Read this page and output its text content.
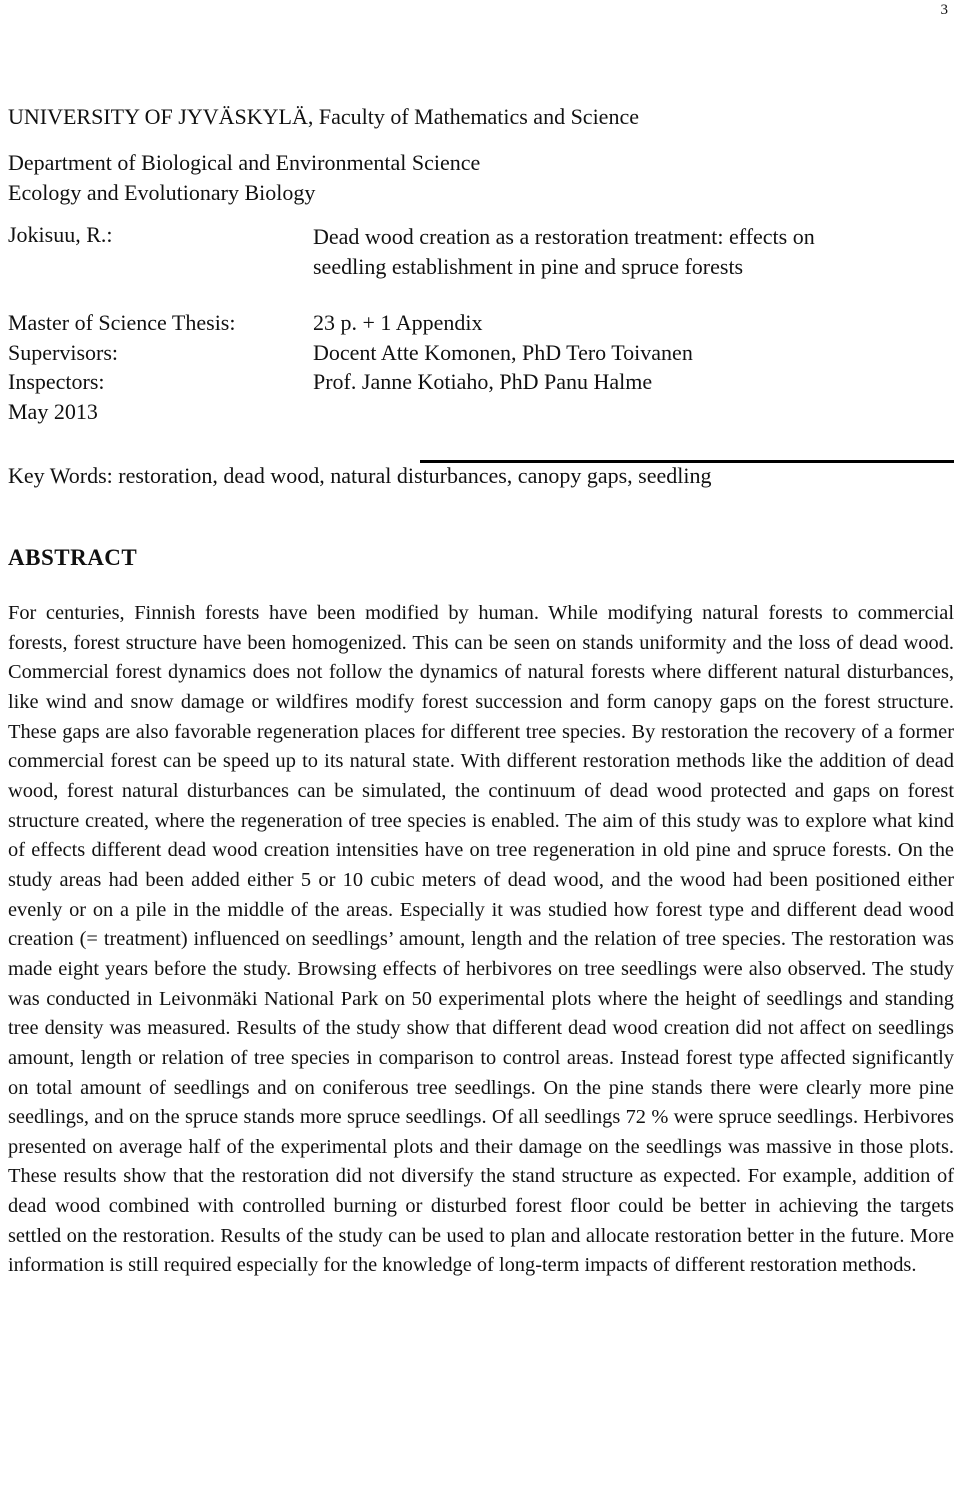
3
UNIVERSITY OF JYVÄSKYLÄ, Faculty of Mathematics and Science
Department of Biological and Environmental Science
Ecology and Evolutionary Biology
Jokisuu, R.:	Dead wood creation as a restoration treatment: effects on
seedling establishment in pine and spruce forests
Master of Science Thesis:	23 p. + 1 Appendix
Supervisors:	Docent Atte Komonen, PhD Tero Toivanen
Inspectors:	Prof. Janne Kotiaho, PhD Panu Halme
May 2013
Key Words: restoration, dead wood, natural disturbances, canopy gaps, seedling
ABSTRACT
For centuries, Finnish forests have been modified by human. While modifying natural forests to commercial forests, forest structure have been homogenized. This can be seen on stands uniformity and the loss of dead wood. Commercial forest dynamics does not follow the dynamics of natural forests where different natural disturbances, like wind and snow damage or wildfires modify forest succession and form canopy gaps on the forest structure. These gaps are also favorable regeneration places for different tree species. By restoration the recovery of a former commercial forest can be speed up to its natural state. With different restoration methods like the addition of dead wood, forest natural disturbances can be simulated, the continuum of dead wood protected and gaps on forest structure created, where the regeneration of tree species is enabled. The aim of this study was to explore what kind of effects different dead wood creation intensities have on tree regeneration in old pine and spruce forests. On the study areas had been added either 5 or 10 cubic meters of dead wood, and the wood had been positioned either evenly or on a pile in the middle of the areas. Especially it was studied how forest type and different dead wood creation (= treatment) influenced on seedlings’ amount, length and the relation of tree species. The restoration was made eight years before the study. Browsing effects of herbivores on tree seedlings were also observed. The study was conducted in Leivonmäki National Park on 50 experimental plots where the height of seedlings and standing tree density was measured. Results of the study show that different dead wood creation did not affect on seedlings amount, length or relation of tree species in comparison to control areas. Instead forest type affected significantly on total amount of seedlings and on coniferous tree seedlings. On the pine stands there were clearly more pine seedlings, and on the spruce stands more spruce seedlings. Of all seedlings 72 % were spruce seedlings. Herbivores presented on average half of the experimental plots and their damage on the seedlings was massive in those plots. These results show that the restoration did not diversify the stand structure as expected. For example, addition of dead wood combined with controlled burning or disturbed forest floor could be better in achieving the targets settled on the restoration. Results of the study can be used to plan and allocate restoration better in the future. More information is still required especially for the knowledge of long-term impacts of different restoration methods.
